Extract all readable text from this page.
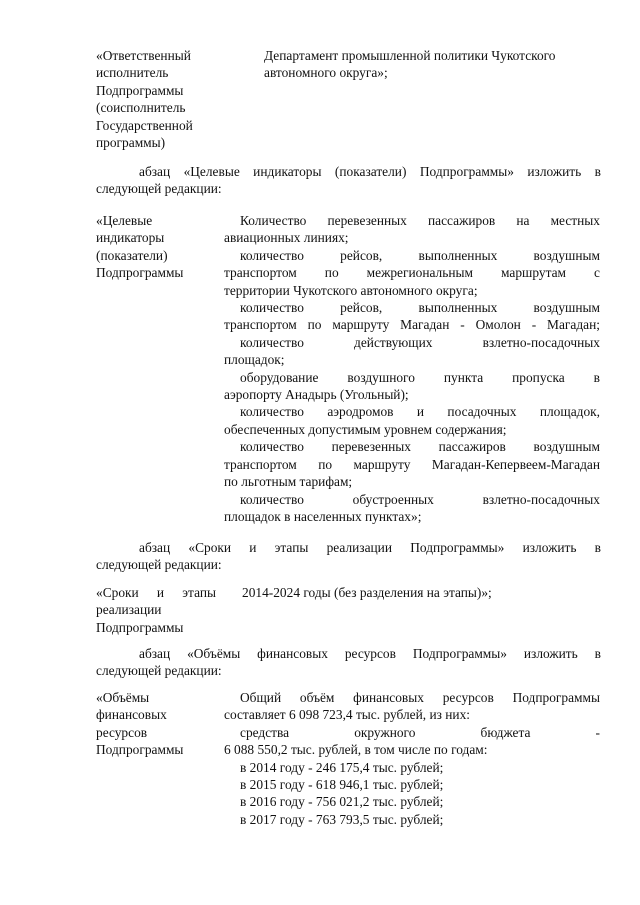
«Ответственный
исполнитель
Подпрограммы
(соисполнитель
Государственной
программы)
Департамент промышленной политики Чукотского
автономного округа»;
абзац «Целевые индикаторы (показатели) Подпрограммы» изложить в
следующей редакции:
«Целевые
индикаторы
(показатели)
Подпрограммы
Количество перевезенных пассажиров на местных
авиационных линиях;
количество рейсов, выполненных воздушным
транспортом по межрегиональным маршрутам с
территории Чукотского автономного округа;
количество рейсов, выполненных воздушным
транспортом по маршруту Магадан - Омолон - Магадан;
количество действующих взлетно-посадочных
площадок;
оборудование воздушного пункта пропуска в
аэропорту Анадырь (Угольный);
количество аэродромов и посадочных площадок,
обеспеченных допустимым уровнем содержания;
количество перевезенных пассажиров воздушным
транспортом по маршруту Магадан-Кепервеем-Магадан
по льготным тарифам;
количество обустроенных взлетно-посадочных
площадок в населенных пунктах»;
абзац «Сроки и этапы реализации Подпрограммы» изложить в
следующей редакции:
«Сроки и этапы
реализации
Подпрограммы
2014-2024 годы (без разделения на этапы)»;
абзац «Объёмы финансовых ресурсов Подпрограммы» изложить в
следующей редакции:
«Объёмы
финансовых
ресурсов
Подпрограммы
Общий объём финансовых ресурсов Подпрограммы
составляет 6 098 723,4 тыс. рублей, из них:
средства окружного бюджета -
6 088 550,2 тыс. рублей, в том числе по годам:
в 2014 году - 246 175,4 тыс. рублей;
в 2015 году - 618 946,1 тыс. рублей;
в 2016 году - 756 021,2 тыс. рублей;
в 2017 году - 763 793,5 тыс. рублей;
